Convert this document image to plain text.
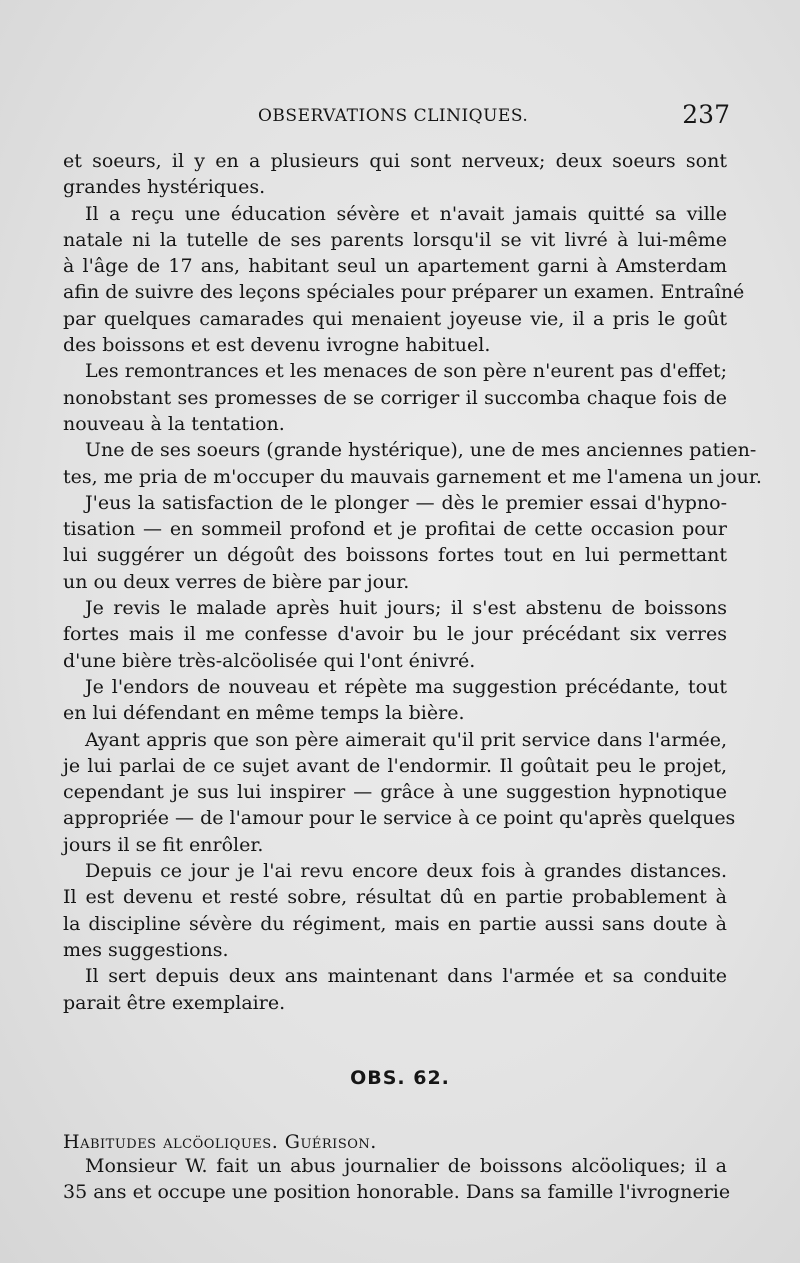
OBSERVATIONS CLINIQUES.	237
et soeurs, il y en a plusieurs qui sont nerveux; deux soeurs sont
grandes hystériques.
Il a reçu une éducation sévère et n'avait jamais quitté sa ville
natale ni la tutelle de ses parents lorsqu'il se vit livré à lui-même
à l'âge de 17 ans, habitant seul un apartement garni à Amsterdam
afin de suivre des leçons spéciales pour préparer un examen. Entraîné
par quelques camarades qui menaient joyeuse vie, il a pris le goût
des boissons et est devenu ivrogne habituel.
Les remontrances et les menaces de son père n'eurent pas d'effet;
nonobstant ses promesses de se corriger il succomba chaque fois de
nouveau à la tentation.
Une de ses soeurs (grande hystérique), une de mes anciennes patien-
tes, me pria de m'occuper du mauvais garnement et me l'amena un jour.
J'eus la satisfaction de le plonger — dès le premier essai d'hypno-
tisation — en sommeil profond et je profitai de cette occasion pour
lui suggérer un dégoût des boissons fortes tout en lui permettant
un ou deux verres de bière par jour.
Je revis le malade après huit jours; il s'est abstenu de boissons
fortes mais il me confesse d'avoir bu le jour précédant six verres
d'une bière très-alcöolisée qui l'ont énivré.
Je l'endors de nouveau et répète ma suggestion précédante, tout
en lui défendant en même temps la bière.
Ayant appris que son père aimerait qu'il prit service dans l'armée,
je lui parlai de ce sujet avant de l'endormir. Il goûtait peu le projet,
cependant je sus lui inspirer — grâce à une suggestion hypnotique
appropriée — de l'amour pour le service à ce point qu'après quelques
jours il se fit enrôler.
Depuis ce jour je l'ai revu encore deux fois à grandes distances.
Il est devenu et resté sobre, résultat dû en partie probablement à
la discipline sévère du régiment, mais en partie aussi sans doute à
mes suggestions.
Il sert depuis deux ans maintenant dans l'armée et sa conduite
parait être exemplaire.
OBS. 62.
Habitudes alcöoliques. Guérison.
Monsieur W. fait un abus journalier de boissons alcöoliques; il a
35 ans et occupe une position honorable. Dans sa famille l'ivrognerie
